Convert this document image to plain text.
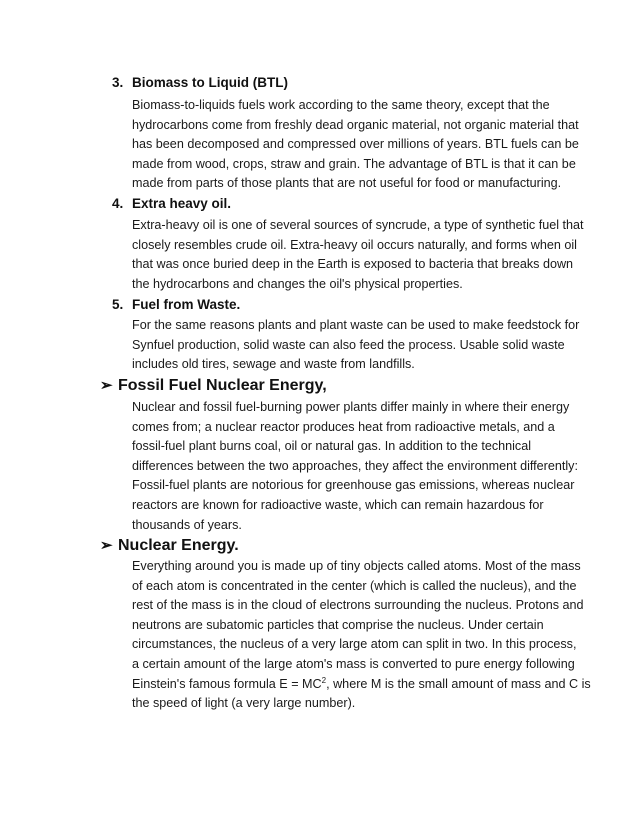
3. Biomass to Liquid (BTL)

Biomass-to-liquids fuels work according to the same theory, except that the

hydrocarbons come from freshly dead organic material, not organic material that

has been decomposed and compressed over millions of years. BTL fuels can be

made from wood, crops, straw and grain. The advantage of BTL is that it can be

made from parts of those plants that are not useful for food or manufacturing.

4. Extra heavy oil.

Extra-heavy oil is one of several sources of syncrude, a type of synthetic fuel that

closely resembles crude oil. Extra-heavy oil occurs naturally, and forms when oil

that was once buried deep in the Earth is exposed to bacteria that breaks down

the hydrocarbons and changes the oil's physical properties.

5. Fuel from Waste.

For the same reasons plants and plant waste can be used to make feedstock for

Synfuel production, solid waste can also feed the process. Usable solid waste

includes old tires, sewage and waste from landfills.

➢ Fossil Fuel Nuclear Energy,

Nuclear and fossil fuel-burning power plants differ mainly in where their energy

comes from; a nuclear reactor produces heat from radioactive metals, and a

fossil-fuel plant burns coal, oil or natural gas. In addition to the technical

differences between the two approaches, they affect the environment differently:

Fossil-fuel plants are notorious for greenhouse gas emissions, whereas nuclear

reactors are known for radioactive waste, which can remain hazardous for

thousands of years.

➢ Nuclear Energy.

Everything around you is made up of tiny objects called atoms. Most of the mass

of each atom is concentrated in the center (which is called the nucleus), and the

rest of the mass is in the cloud of electrons surrounding the nucleus. Protons and

neutrons are subatomic particles that comprise the nucleus. Under certain

circumstances, the nucleus of a very large atom can split in two. In this process,

a certain amount of the large atom's mass is converted to pure energy following

Einstein's famous formula $E = MC^2$, where M is the small amount of mass and C is

the speed of light (a very large number).
